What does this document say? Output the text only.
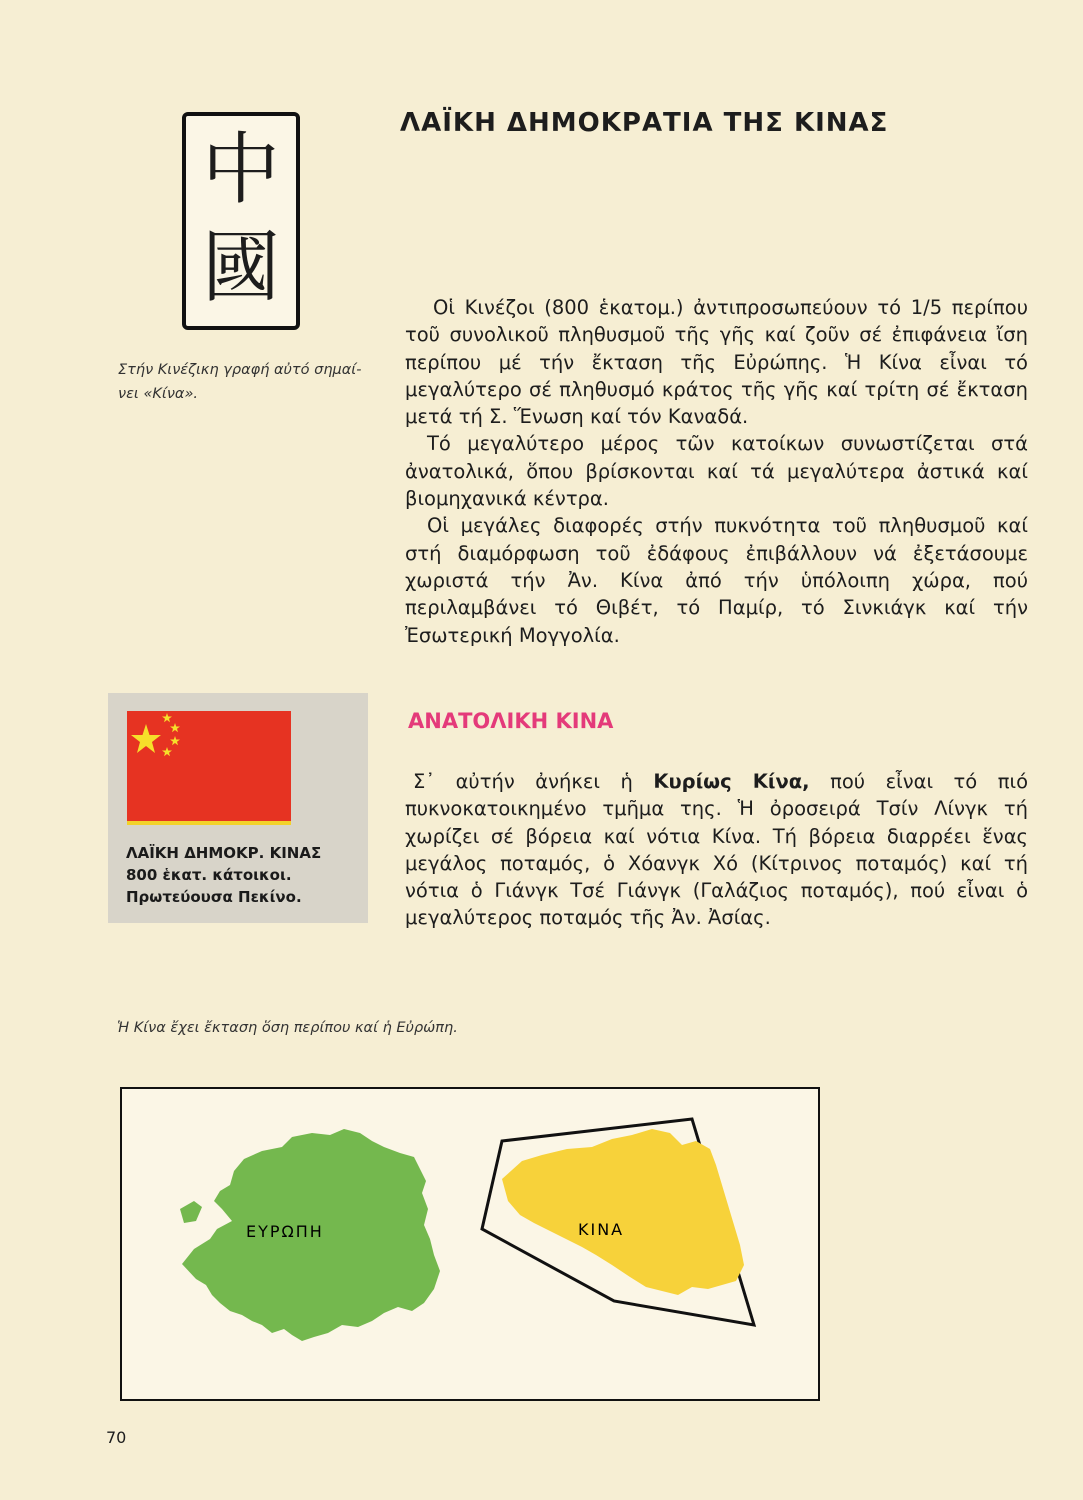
中
國
Στήν Κινέζικη γραφή αὐτό σημαί-νει «Κίνα».
ΛΑΪΚΗ ΔΗΜΟΚΡΑΤΙΑ ΤΗΣ ΚΙΝΑΣ

Οἱ Κινέζοι (800 ἑκατομ.) ἀντιπροσωπεύουν τό 1/5 περίπου τοῦ συνολικοῦ πληθυσμοῦ τῆς γῆς καί ζοῦν σέ ἐπιφάνεια ἴση περίπου μέ τήν ἔκταση τῆς Εὐρώπης. Ἡ Κίνα εἶναι τό μεγαλύτερο σέ πληθυσμό κράτος τῆς γῆς καί τρίτη σέ ἔκταση μετά τή Σ. Ἕνωση καί τόν Καναδά.

Τό μεγαλύτερο μέρος τῶν κατοίκων συνωστίζεται στά ἀνατολικά, ὅπου βρίσκονται καί τά μεγαλύτερα ἀστικά καί βιομηχανικά κέντρα.

Οἱ μεγάλες διαφορές στήν πυκνότητα τοῦ πληθυσμοῦ καί στή διαμόρφωση τοῦ ἐδάφους ἐπιβάλλουν νά ἐξετάσουμε χωριστά τήν Ἀν. Κίνα ἀπό τήν ὑπόλοιπη χώρα, πού περιλαμβάνει τό Θιβέτ, τό Παμίρ, τό Σινκιάγκ καί τήν Ἐσωτερική Μογγολία.

ΛΑΪΚΗ ΔΗΜΟΚΡ. ΚΙΝΑΣ
800 ἑκατ. κάτοικοι.
Πρωτεύουσα Πεκίνο.
ΑΝΑΤΟΛΙΚΗ ΚΙΝΑ

Σ᾽ αὐτήν ἀνήκει ἡ Κυρίως Κίνα, πού εἶναι τό πιό πυκνοκατοικημένο τμῆμα της. Ἡ ὀροσειρά Τσίν Λίνγκ τή χωρίζει σέ βόρεια καί νότια Κίνα. Τή βόρεια διαρρέει ἕνας μεγάλος ποταμός, ὁ Χόανγκ Χό (Κίτρινος ποταμός) καί τή νότια ὁ Γιάνγκ Τσέ Γιάνγκ (Γαλάζιος ποταμός), πού εἶναι ὁ μεγαλύτερος ποταμός τῆς Ἀν. Ἀσίας.

Ἡ Κίνα ἔχει ἔκταση ὅση περίπου καί ἡ Εὐρώπη.
ΕΥΡΩΠΗ	ΚΙΝΑ
70
